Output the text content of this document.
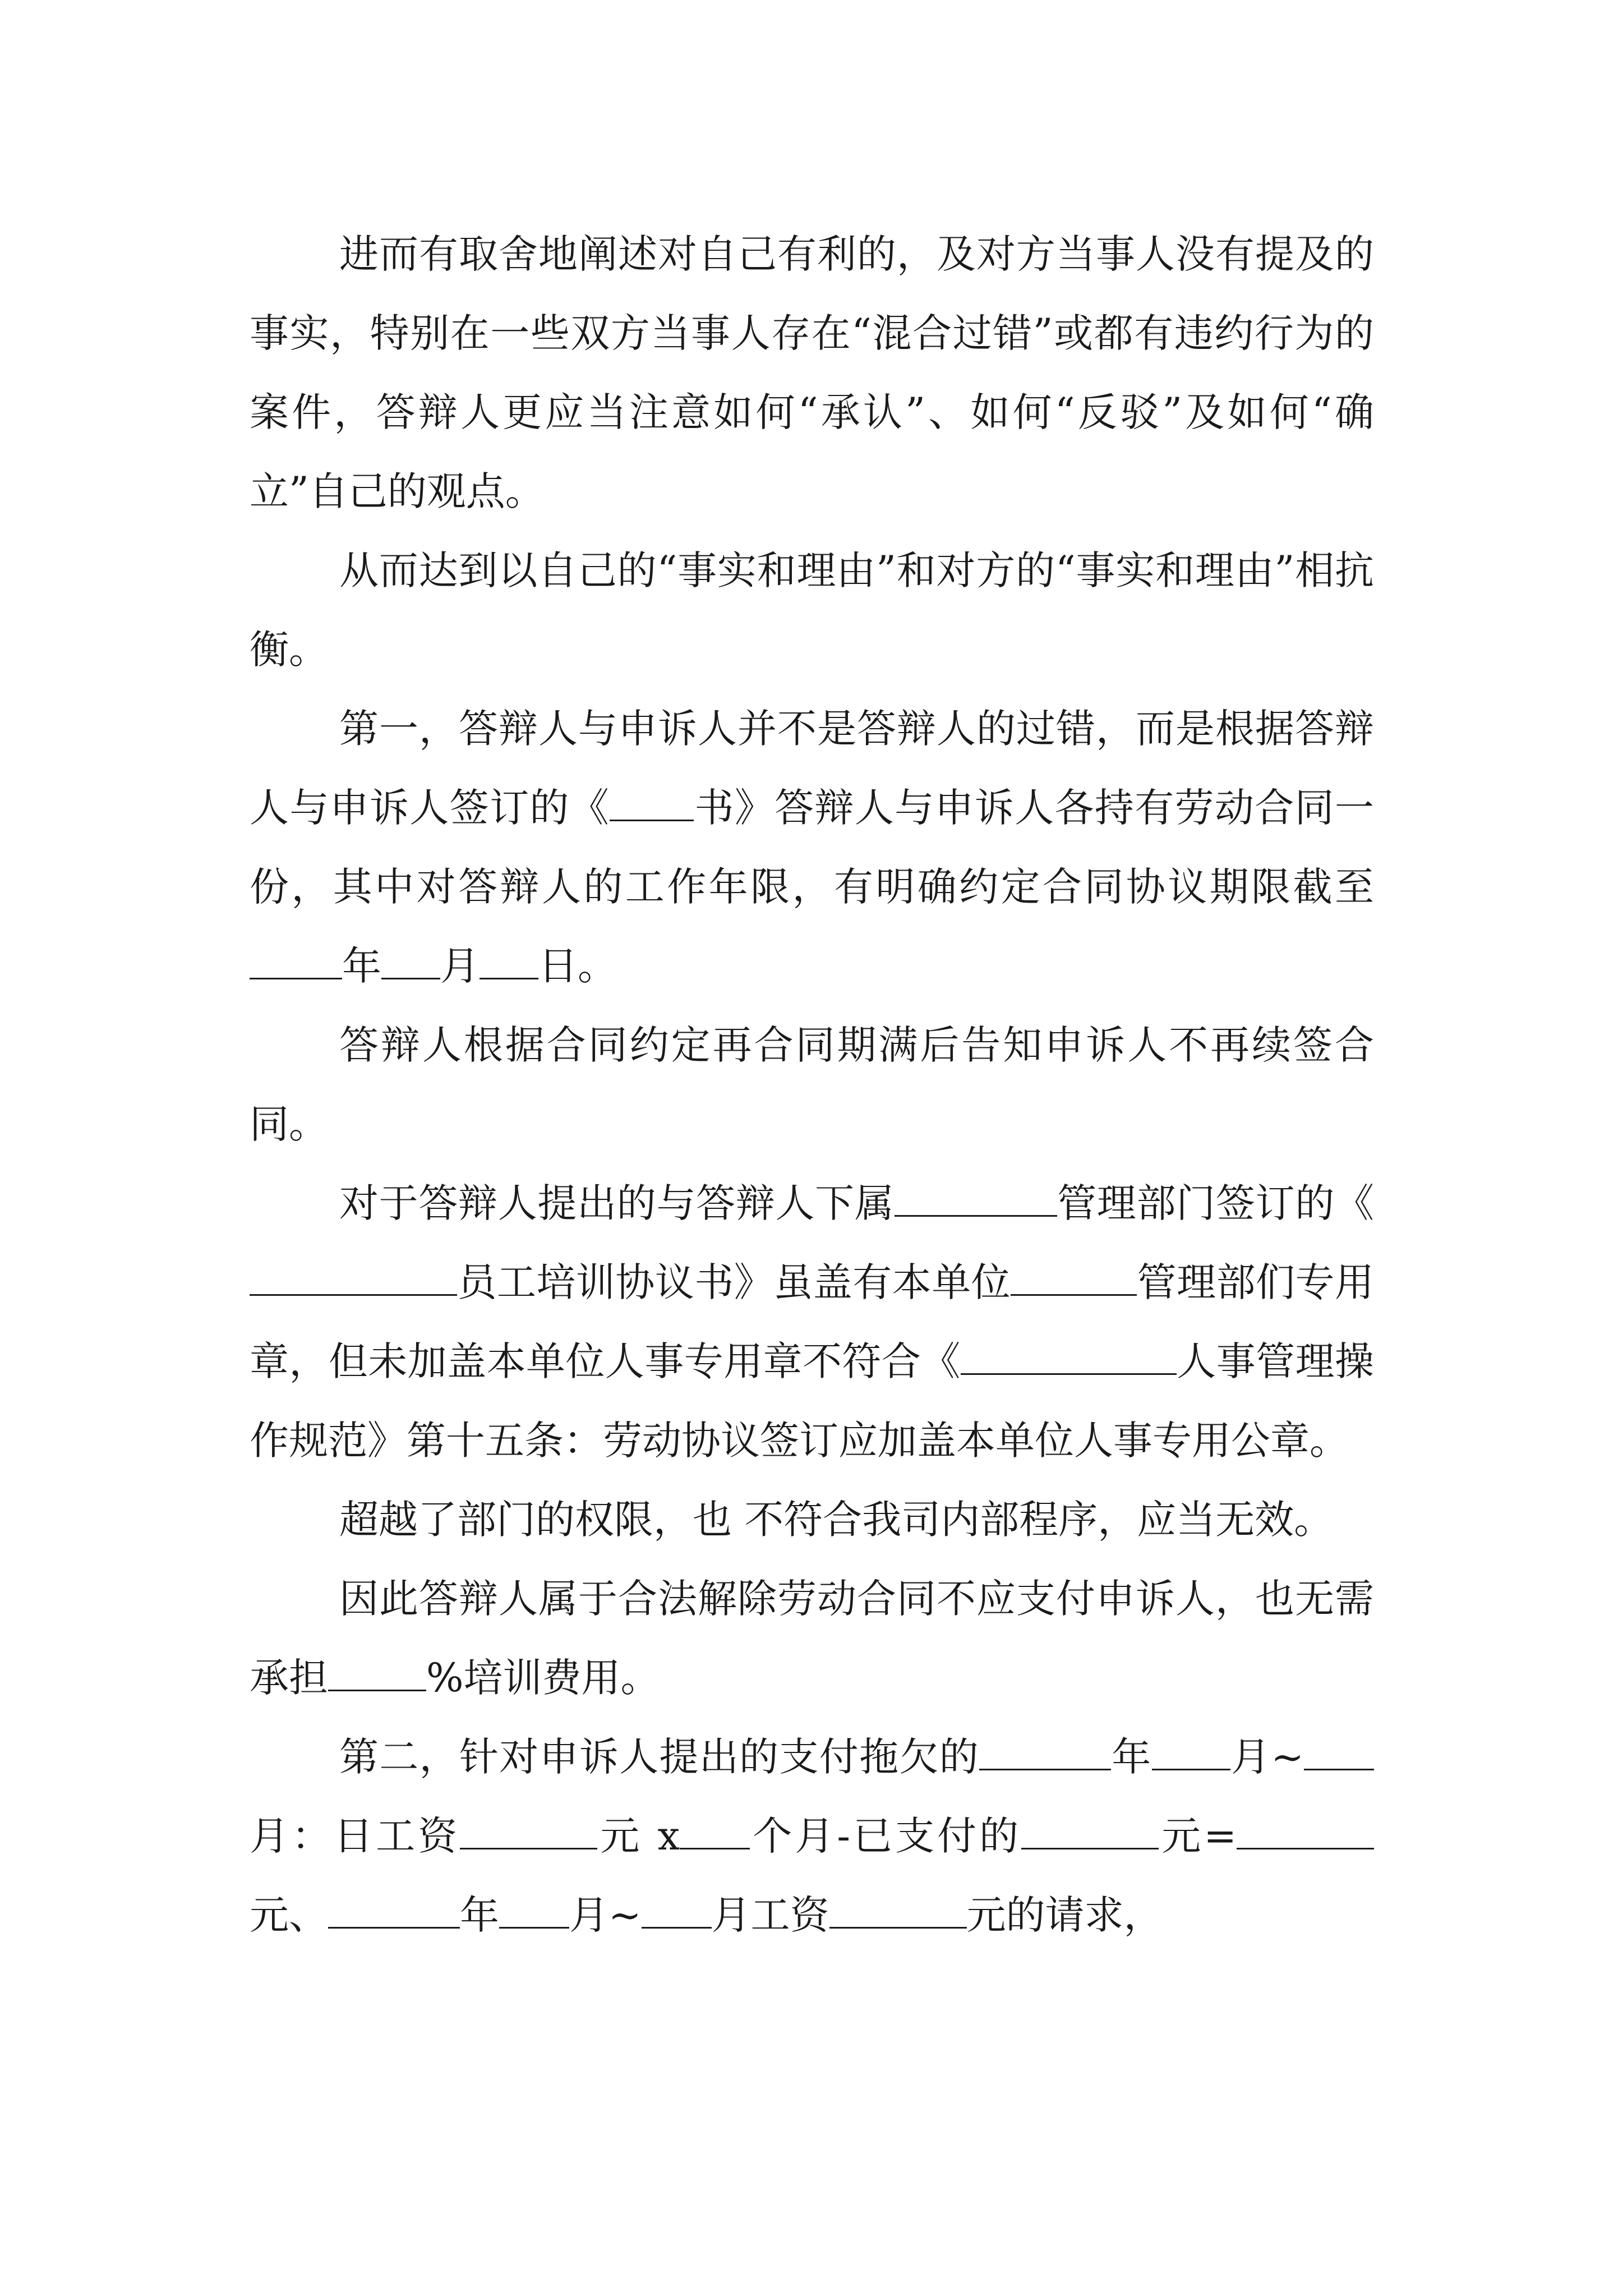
进而有取舍地阐述对自己有利的，及对方当事人没有提及的事实，特别在一些双方当事人存在“混合过错”或都有违约行为的案件，答辩人更应当注意如何“承认”、如何“反驳”及如何“确立”自己的观点。

从而达到以自己的“事实和理由”和对方的“事实和理由”相抗衡。

第一，答辩人与申诉人并不是答辩人的过错，而是根据答辩人与申诉人签订的《 书》答辩人与申诉人各持有劳动合同一份，其中对答辩人的工作年限，有明确约定合同协议期限截至年 月 日。

答辩人根据合同约定再合同期满后告知申诉人不再续签合同。

对于答辩人提出的与答辩人下属	管理部门签订的《员工培训协议书》虽盖有本单位	管理部们专用章，但未加盖本单位人事专用章不符合《	人事管理操作规范》第十五条：劳动协议签订应加盖本单位人事专用公章。

超越了部门的权限，也 不符合我司内部程序，应当无效。

因此答辩人属于合法解除劳动合同不应支付申诉人，也无需承担	%培训费用。

第二，针对申诉人提出的支付拖欠的	年 月~月：日工资	元 x 个月-已支付的	元=元、	年 月~ 月工资	元的请求，
